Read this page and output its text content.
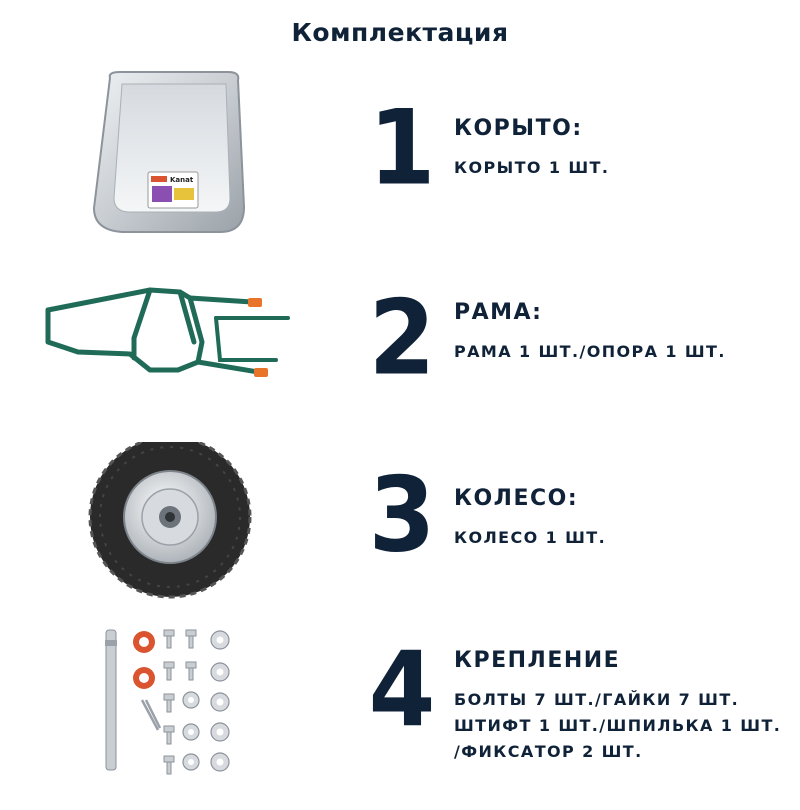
Комплектация
Kanat 1 КОРЫТО:

КОРЫТО 1 ШТ.

2 РАМА:

РАМА 1 ШТ./ОПОРА 1 ШТ.

3 КОЛЕСО:

КОЛЕСО 1 ШТ.

4 КРЕПЛЕНИЕ

БОЛТЫ 7 ШТ./ГАЙКИ 7 ШТ.

ШТИФТ 1 ШТ./ШПИЛЬКА 1 ШТ.

/ФИКСАТОР 2 ШТ.
